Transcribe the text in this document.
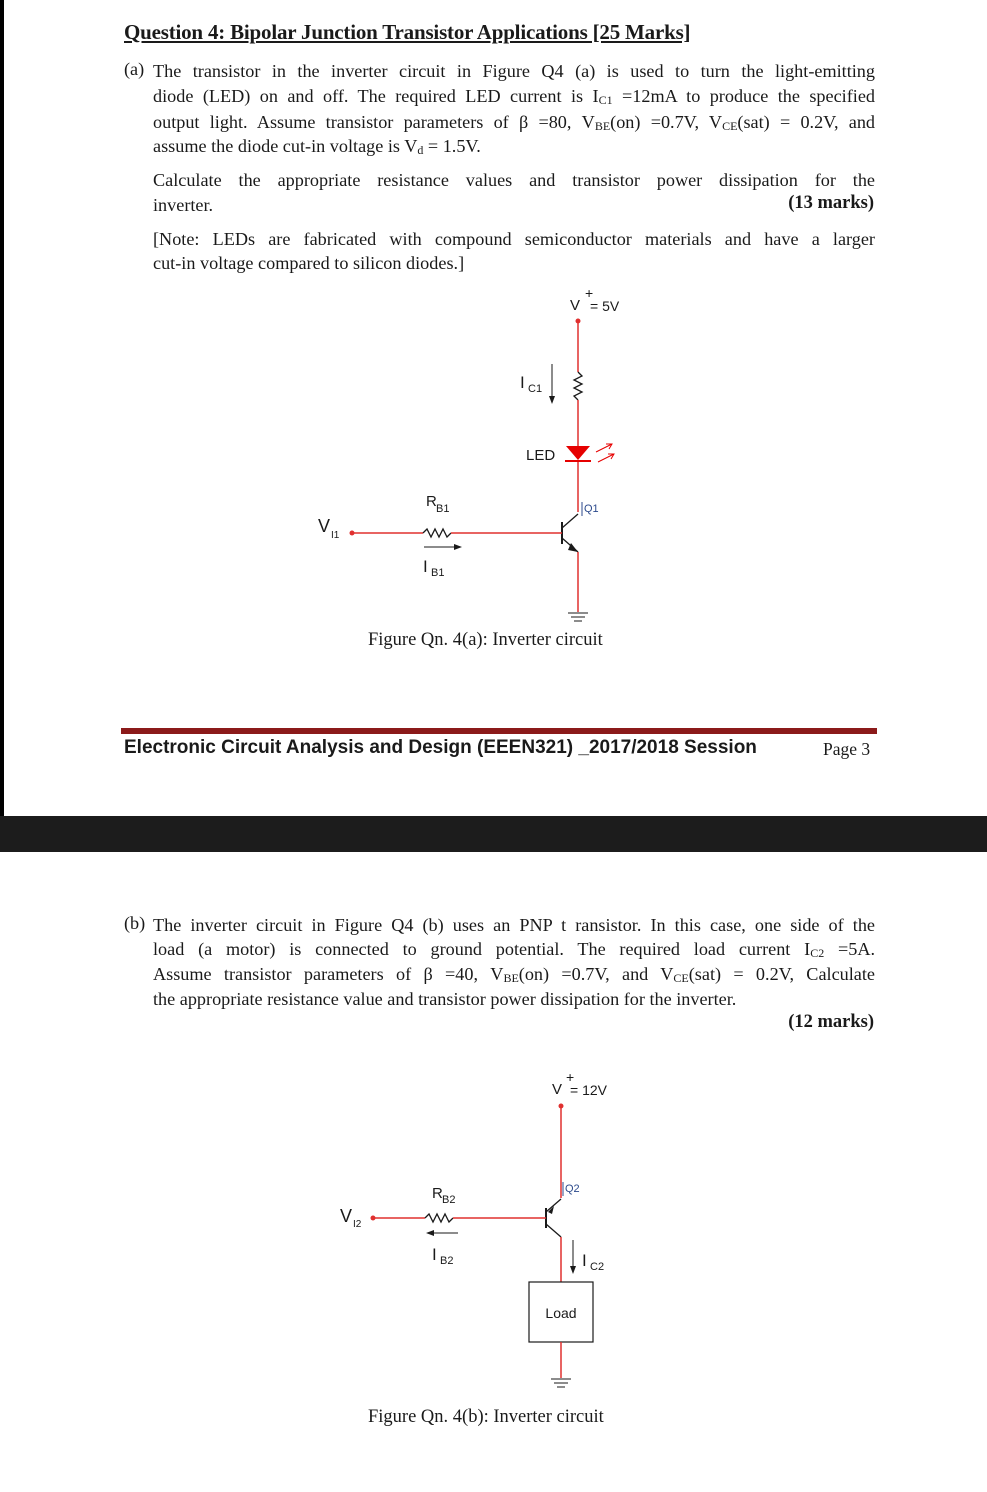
Question 4: Bipolar Junction Transistor Applications [25 Marks]
(a) The transistor in the inverter circuit in Figure Q4 (a) is used to turn the light-emitting
diode (LED) on and off. The required LED current is IC1 =12mA to produce the specified
output light. Assume transistor parameters of β =80, VBE(on) =0.7V, VCE(sat) = 0.2V, and
assume the diode cut-in voltage is Vd = 1.5V.
Calculate the appropriate resistance values and transistor power dissipation for the
inverter.	(13 marks)
[Note: LEDs are fabricated with compound semiconductor materials and have a larger
cut-in voltage compared to silicon diodes.]
V
+
= 5V
I C1
LED
Q1
V I1
R B1
I B1
Figure Qn. 4(a): Inverter circuit
Electronic Circuit Analysis and Design (EEEN321) _2017/2018 Session	Page 3
(b) The inverter circuit in Figure Q4 (b) uses an PNP t ransistor. In this case, one side of the
load (a motor) is connected to ground potential. The required load current IC2 =5A.
Assume transistor parameters of β =40, VBE(on) =0.7V, and VCE(sat) = 0.2V, Calculate
the appropriate resistance value and transistor power dissipation for the inverter.
(12 marks)
V
+
= 12V
Q2
V I2
R B2
I B2	I C2
Load
Figure Qn. 4(b): Inverter circuit
